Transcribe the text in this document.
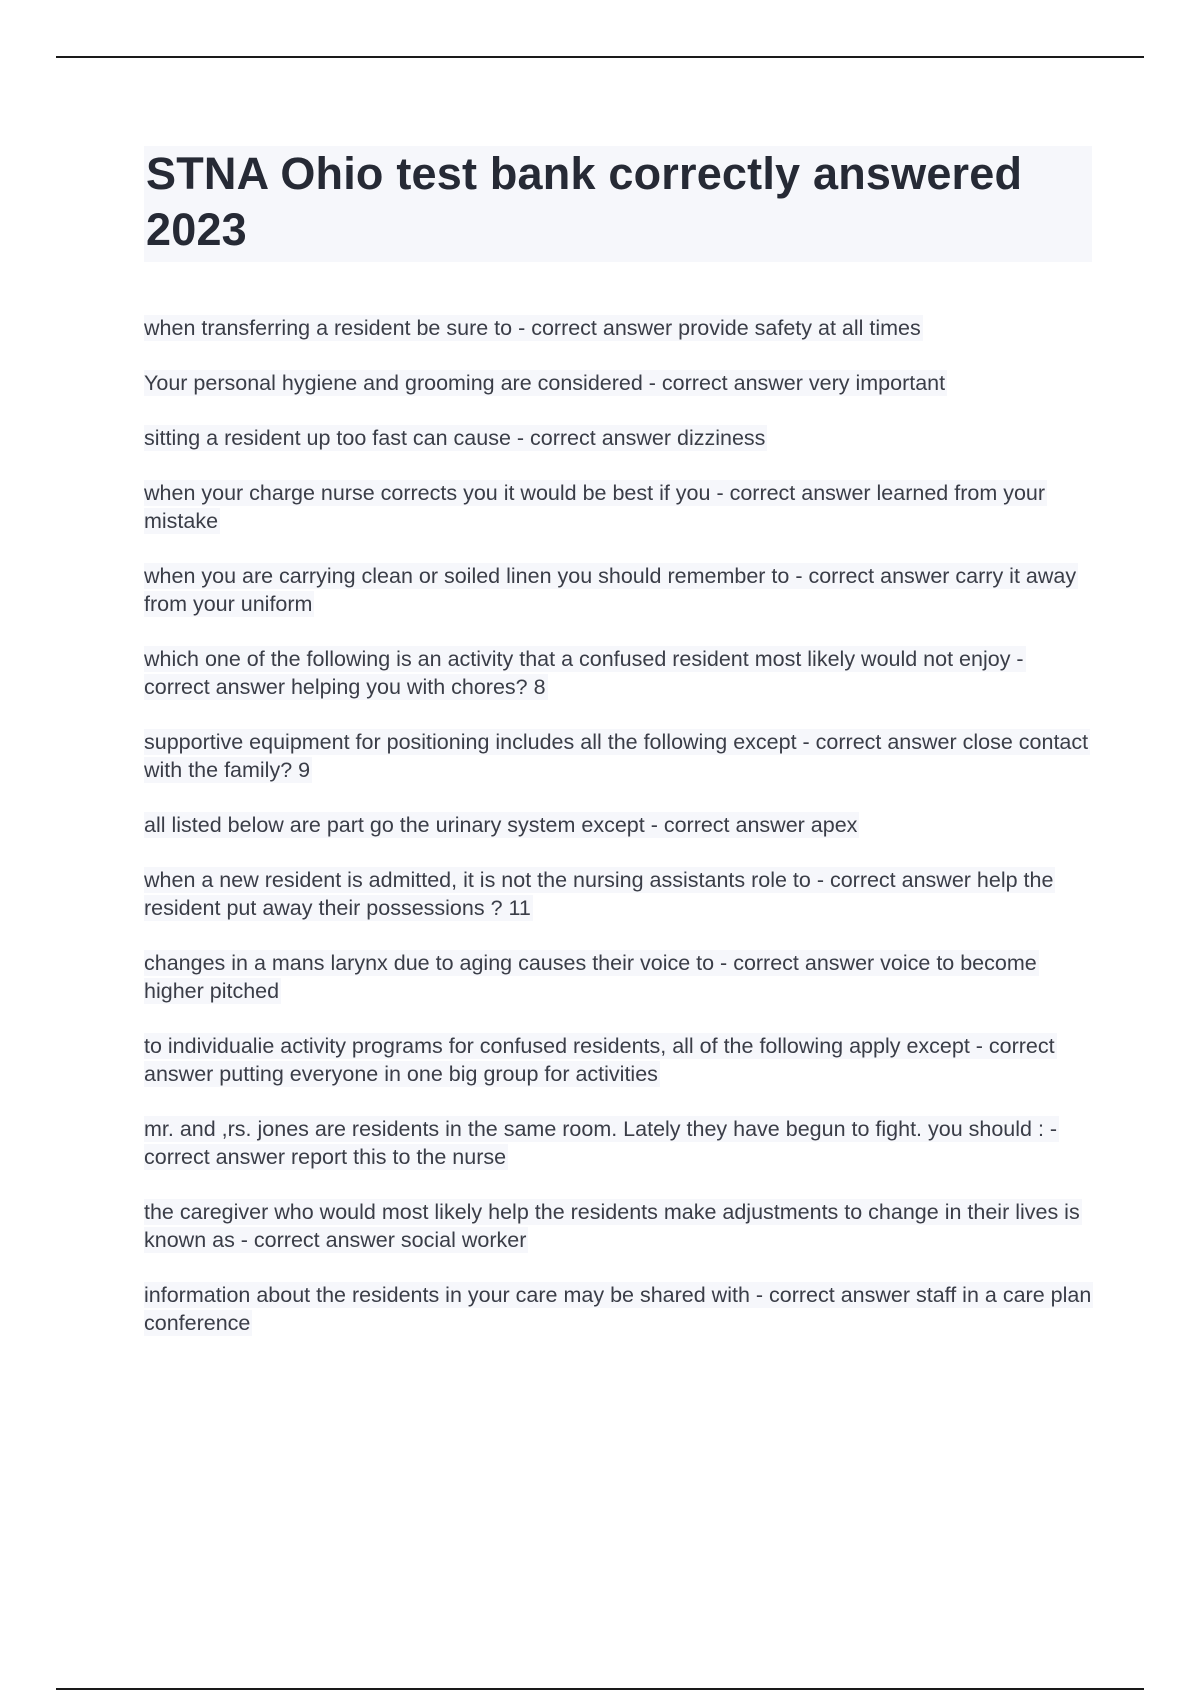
STNA Ohio test bank correctly answered 2023
when transferring a resident be sure to - correct answer provide safety at all times
Your personal hygiene and grooming are considered - correct answer very important
sitting a resident up too fast can cause - correct answer dizziness
when your charge nurse corrects you it would be best if you - correct answer learned from your mistake
when you are carrying clean or soiled linen you should remember to - correct answer carry it away from your uniform
which one of the following is an activity that a confused resident most likely would not enjoy - correct answer helping you with chores? 8
supportive equipment for positioning includes all the following except - correct answer close contact with the family? 9
all listed below are part go the urinary system except - correct answer apex
when a new resident is admitted, it is not the nursing assistants role to - correct answer help the resident put away their possessions ? 11
changes in a mans larynx due to aging causes their voice to - correct answer voice to become higher pitched
to individualie activity programs for confused residents, all of the following apply except - correct answer putting everyone in one big group for activities
mr. and ,rs. jones are residents in the same room. Lately they have begun to fight. you should : - correct answer report this to the nurse
the caregiver who would most likely help the residents make adjustments to change in their lives is known as - correct answer social worker
information about the residents in your care may be shared with - correct answer staff in a care plan conference
